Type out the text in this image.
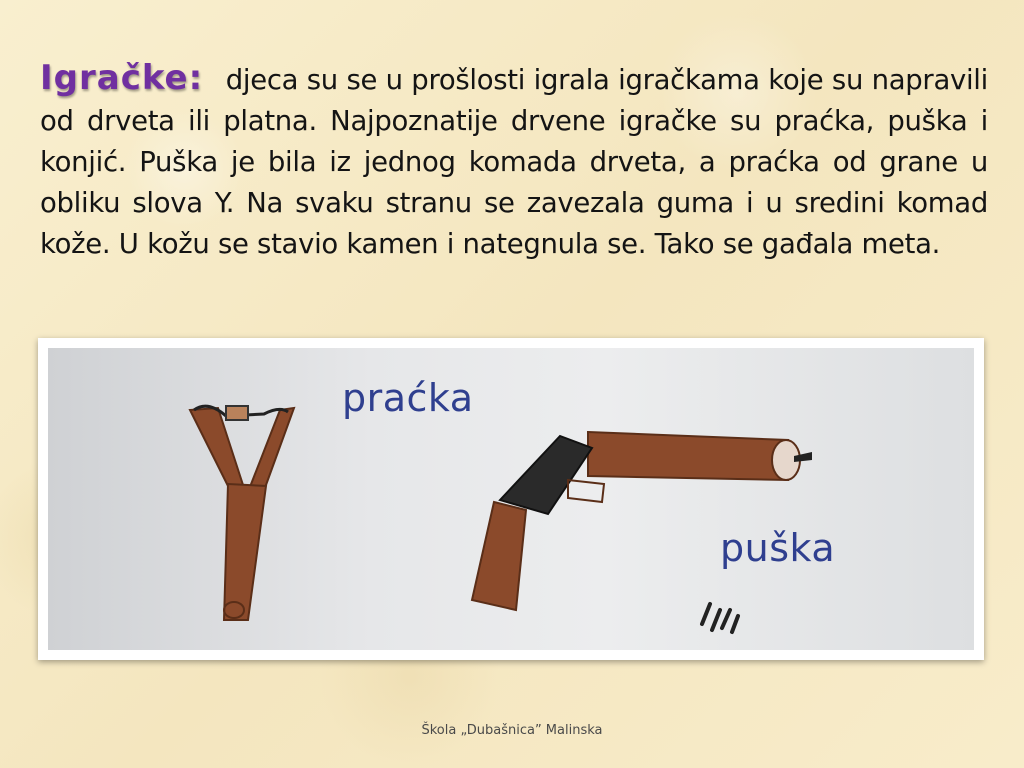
Igračke: djeca su se u prošlosti igrala igračkama koje su napravili od drveta ili platna. Najpoznatije drvene igračke su praćka, puška i konjić. Puška je bila iz jednog komada drveta, a praćka od grane u obliku slova Y. Na svaku stranu se zavezala guma i u sredini komad kože. U kožu se stavio kamen i nategnula se. Tako se gađala meta.
praćka
puška
Škola „Dubašnica” Malinska
